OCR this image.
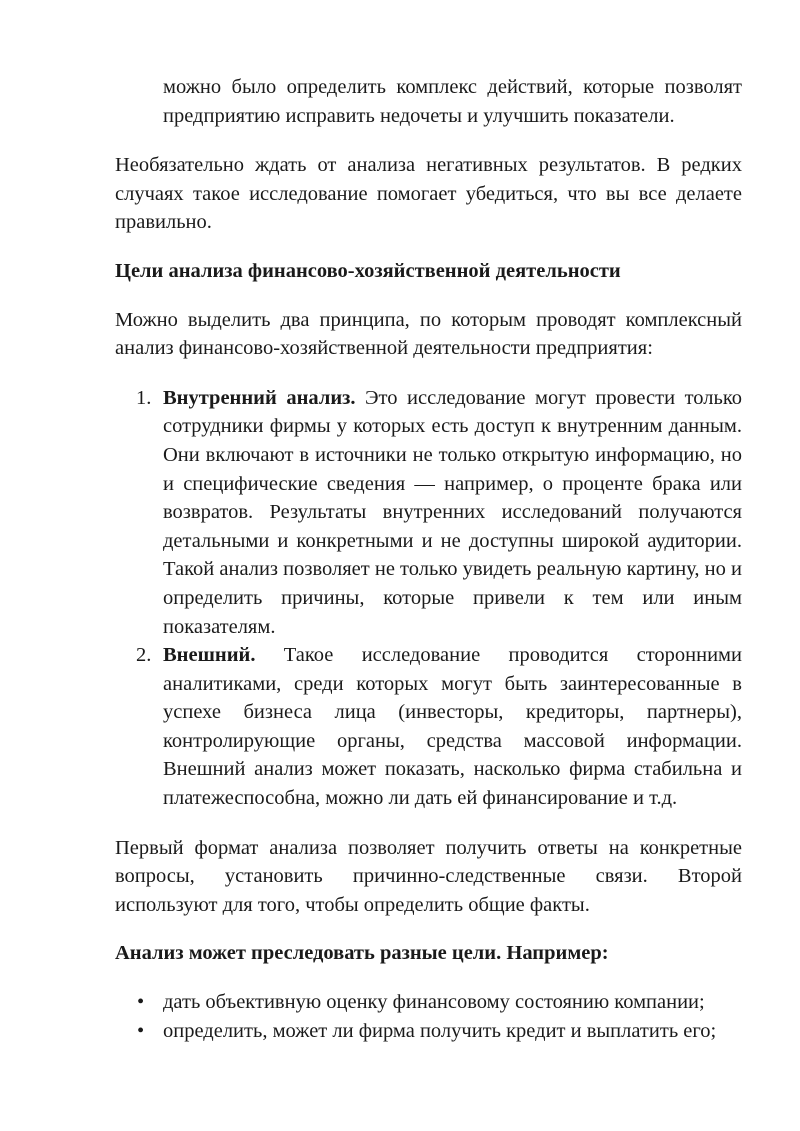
можно было определить комплекс действий, которые позволят предприятию исправить недочеты и улучшить показатели.

Необязательно ждать от анализа негативных результатов. В редких случаях такое исследование помогает убедиться, что вы все делаете правильно.

Цели анализа финансово-хозяйственной деятельности

Можно выделить два принципа, по которым проводят комплексный анализ финансово-хозяйственной деятельности предприятия:

1. Внутренний анализ. Это исследование могут провести только сотрудники фирмы у которых есть доступ к внутренним данным. Они включают в источники не только открытую информацию, но и специфические сведения — например, о проценте брака или возвратов. Результаты внутренних исследований получаются детальными и конкретными и не доступны широкой аудитории. Такой анализ позволяет не только увидеть реальную картину, но и определить причины, которые привели к тем или иным показателям.
2. Внешний. Такое исследование проводится сторонними аналитиками, среди которых могут быть заинтересованные в успехе бизнеса лица (инвесторы, кредиторы, партнеры), контролирующие органы, средства массовой информации. Внешний анализ может показать, насколько фирма стабильна и платежеспособна, можно ли дать ей финансирование и т.д.

Первый формат анализа позволяет получить ответы на конкретные вопросы, установить причинно-следственные связи. Второй используют для того, чтобы определить общие факты.

Анализ может преследовать разные цели. Например:

• дать объективную оценку финансовому состоянию компании;
• определить, может ли фирма получить кредит и выплатить его;
